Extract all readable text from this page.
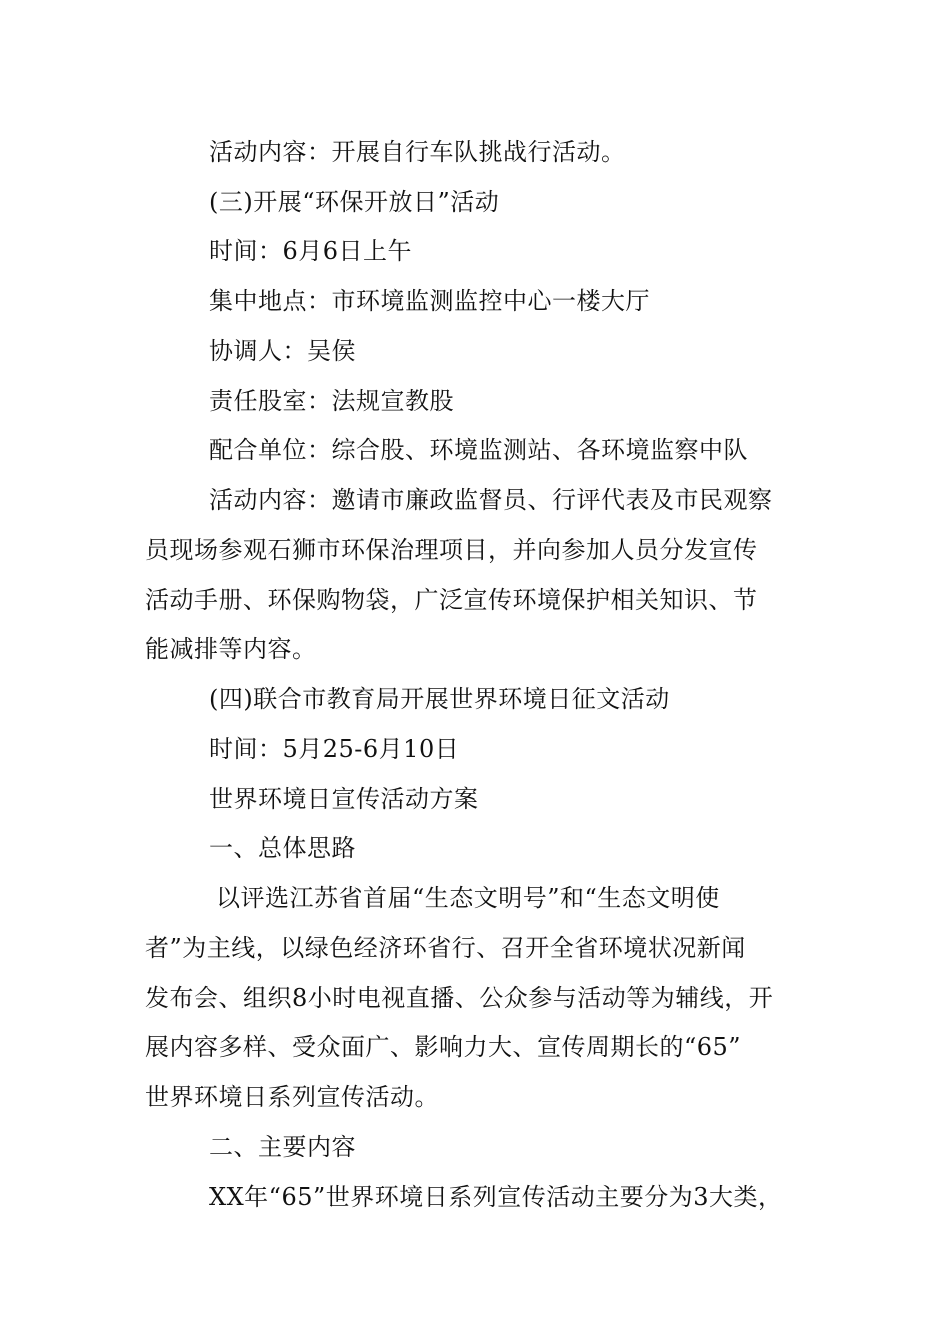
活动内容：开展自行车队挑战行活动。
(三)开展“环保开放日”活动
时间：6月6日上午
集中地点：市环境监测监控中心一楼大厅
协调人：吴侯
责任股室：法规宣教股
配合单位：综合股、环境监测站、各环境监察中队
活动内容：邀请市廉政监督员、行评代表及市民观察
员现场参观石狮市环保治理项目，并向参加人员分发宣传
活动手册、环保购物袋，广泛宣传环境保护相关知识、节
能减排等内容。
(四)联合市教育局开展世界环境日征文活动
时间：5月25-6月10日
世界环境日宣传活动方案
一、总体思路
以评选江苏省首届“生态文明号”和“生态文明使
者”为主线，以绿色经济环省行、召开全省环境状况新闻
发布会、组织8小时电视直播、公众参与活动等为辅线，开
展内容多样、受众面广、影响力大、宣传周期长的“65”
世界环境日系列宣传活动。
二、主要内容
XX年“65”世界环境日系列宣传活动主要分为3大类，
